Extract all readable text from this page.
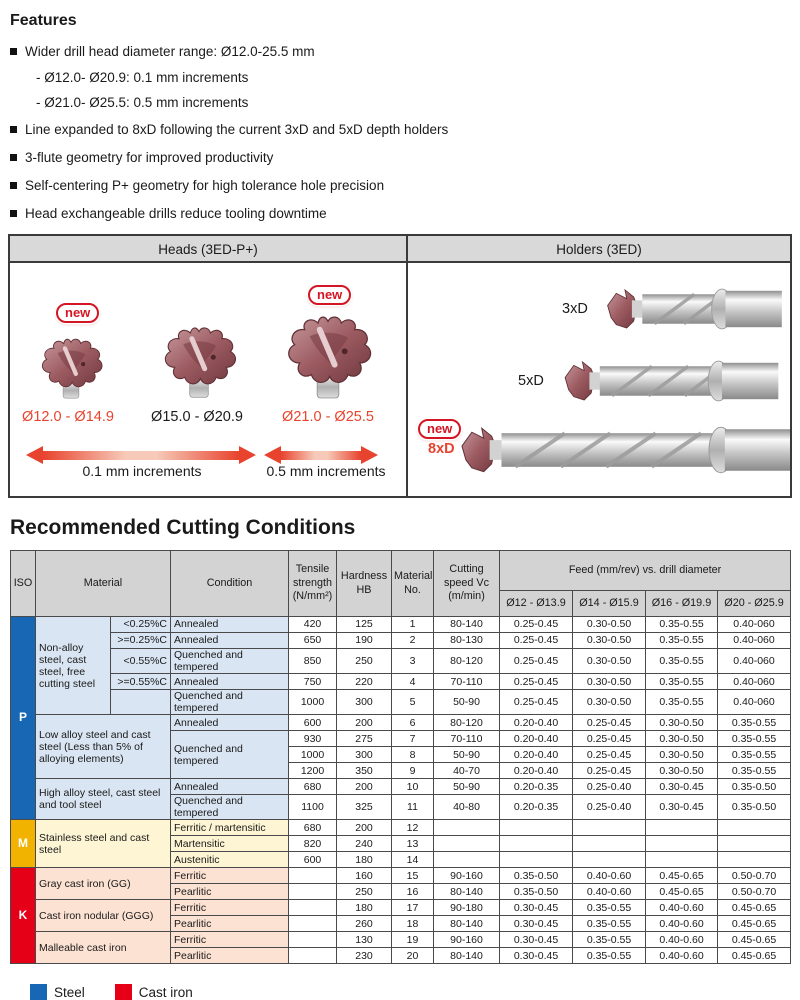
Features
Wider drill head diameter range: Ø12.0-25.5 mm
- Ø12.0- Ø20.9: 0.1 mm increments
- Ø21.0- Ø25.5: 0.5 mm increments
Line expanded to 8xD following the current 3xD and 5xD depth holders
3-flute geometry for improved productivity
Self-centering P+ geometry for high tolerance hole precision
Head exchangeable drills reduce tooling downtime
Heads (3ED-P+)
new
new
Ø12.0 - Ø14.9	Ø15.0 - Ø20.9	Ø21.0 - Ø25.5
0.1 mm increments	0.5 mm increments
Holders (3ED)
3xD
5xD
new
8xD
Recommended Cutting Conditions
ISO	Material		Condition	Tensile strength (N/mm²)	Hardness HB	Material No.	Cutting speed Vc (m/min)	Feed (mm/rev) vs. drill diameter			
								Ø12 - Ø13.9	Ø14 - Ø15.9	Ø16 - Ø19.9	Ø20 - Ø25.9
P	Non-alloy steel, cast steel, free cutting steel	<0.25%C	Annealed	420	125	1	80-140	0.25-0.45	0.30-0.50	0.35-0.55	0.40-060
		>=0.25%C	Annealed	650	190	2	80-130	0.25-0.45	0.30-0.50	0.35-0.55	0.40-060
		<0.55%C	Quenched and tempered	850	250	3	80-120	0.25-0.45	0.30-0.50	0.35-0.55	0.40-060
		>=0.55%C	Annealed	750	220	4	70-110	0.25-0.45	0.30-0.50	0.35-0.55	0.40-060
			Quenched and tempered	1000	300	5	50-90	0.25-0.45	0.30-0.50	0.35-0.55	0.40-060
	Low alloy steel and cast steel (Less than 5% of alloying elements)		Annealed	600	200	6	80-120	0.20-0.40	0.25-0.45	0.30-0.50	0.35-0.55
			Quenched and tempered	930	275	7	70-110	0.20-0.40	0.25-0.45	0.30-0.50	0.35-0.55
				1000	300	8	50-90	0.20-0.40	0.25-0.45	0.30-0.50	0.35-0.55
				1200	350	9	40-70	0.20-0.40	0.25-0.45	0.30-0.50	0.35-0.55
	High alloy steel, cast steel and tool steel		Annealed	680	200	10	50-90	0.20-0.35	0.25-0.40	0.30-0.45	0.35-0.50
			Quenched and tempered	1100	325	11	40-80	0.20-0.35	0.25-0.40	0.30-0.45	0.35-0.50
M	Stainless steel and cast steel		Ferritic / martensitic	680	200	12					
			Martensitic	820	240	13					
			Austenitic	600	180	14					
K	Gray cast iron (GG)		Ferritic		160	15	90-160	0.35-0.50	0.40-0.60	0.45-0.65	0.50-0.70
			Pearlitic		250	16	80-140	0.35-0.50	0.40-0.60	0.45-0.65	0.50-0.70
	Cast iron nodular (GGG)		Ferritic		180	17	90-180	0.30-0.45	0.35-0.55	0.40-0.60	0.45-0.65
			Pearlitic		260	18	80-140	0.30-0.45	0.35-0.55	0.40-0.60	0.45-0.65
	Malleable cast iron		Ferritic		130	19	90-160	0.30-0.45	0.35-0.55	0.40-0.60	0.45-0.65
			Pearlitic		230	20	80-140	0.30-0.45	0.35-0.55	0.40-0.60	0.45-0.65
Steel	Cast iron
